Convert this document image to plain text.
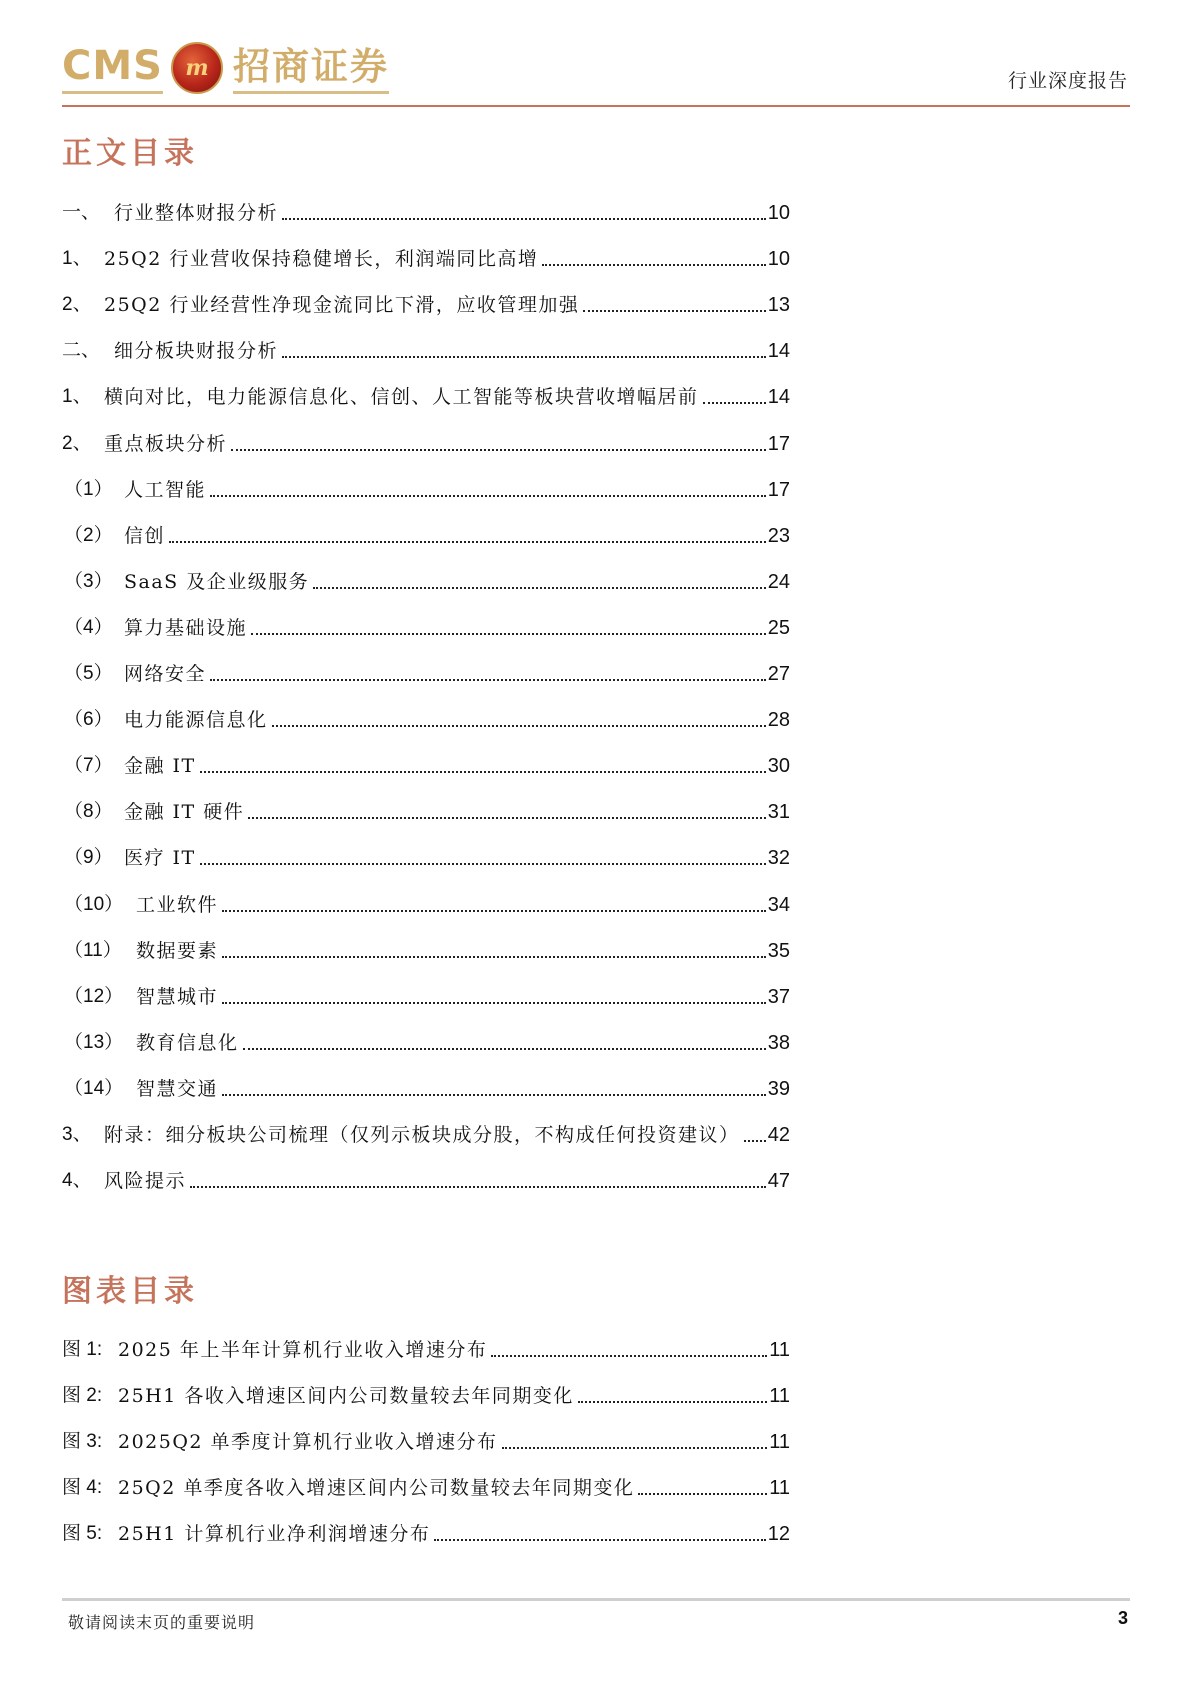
CMS	m 招商证券	行业深度报告
正文目录
一、 行业整体财报分析	10
1、 25Q2 行业营收保持稳健增长，利润端同比高增	10
2、 25Q2 行业经营性净现金流同比下滑，应收管理加强	13
二、 细分板块财报分析	14
1、 横向对比，电力能源信息化、信创、人工智能等板块营收增幅居前	14
2、 重点板块分析	17
（1） 人工智能	17
（2） 信创	23
（3） SaaS 及企业级服务	24
（4） 算力基础设施	25
（5） 网络安全	27
（6） 电力能源信息化	28
（7） 金融 IT	30
（8） 金融 IT 硬件	31
（9） 医疗 IT	32
（10） 工业软件	34
（11） 数据要素	35
（12） 智慧城市	37
（13） 教育信息化	38
（14） 智慧交通	39
3、 附录：细分板块公司梳理（仅列示板块成分股，不构成任何投资建议） 42
4、 风险提示	47
图表目录
图 1: 2025 年上半年计算机行业收入增速分布	11
图 2: 25H1 各收入增速区间内公司数量较去年同期变化	11
图 3: 2025Q2 单季度计算机行业收入增速分布	11
图 4: 25Q2 单季度各收入增速区间内公司数量较去年同期变化	11
图 5: 25H1 计算机行业净利润增速分布	12
敬请阅读末页的重要说明	3
